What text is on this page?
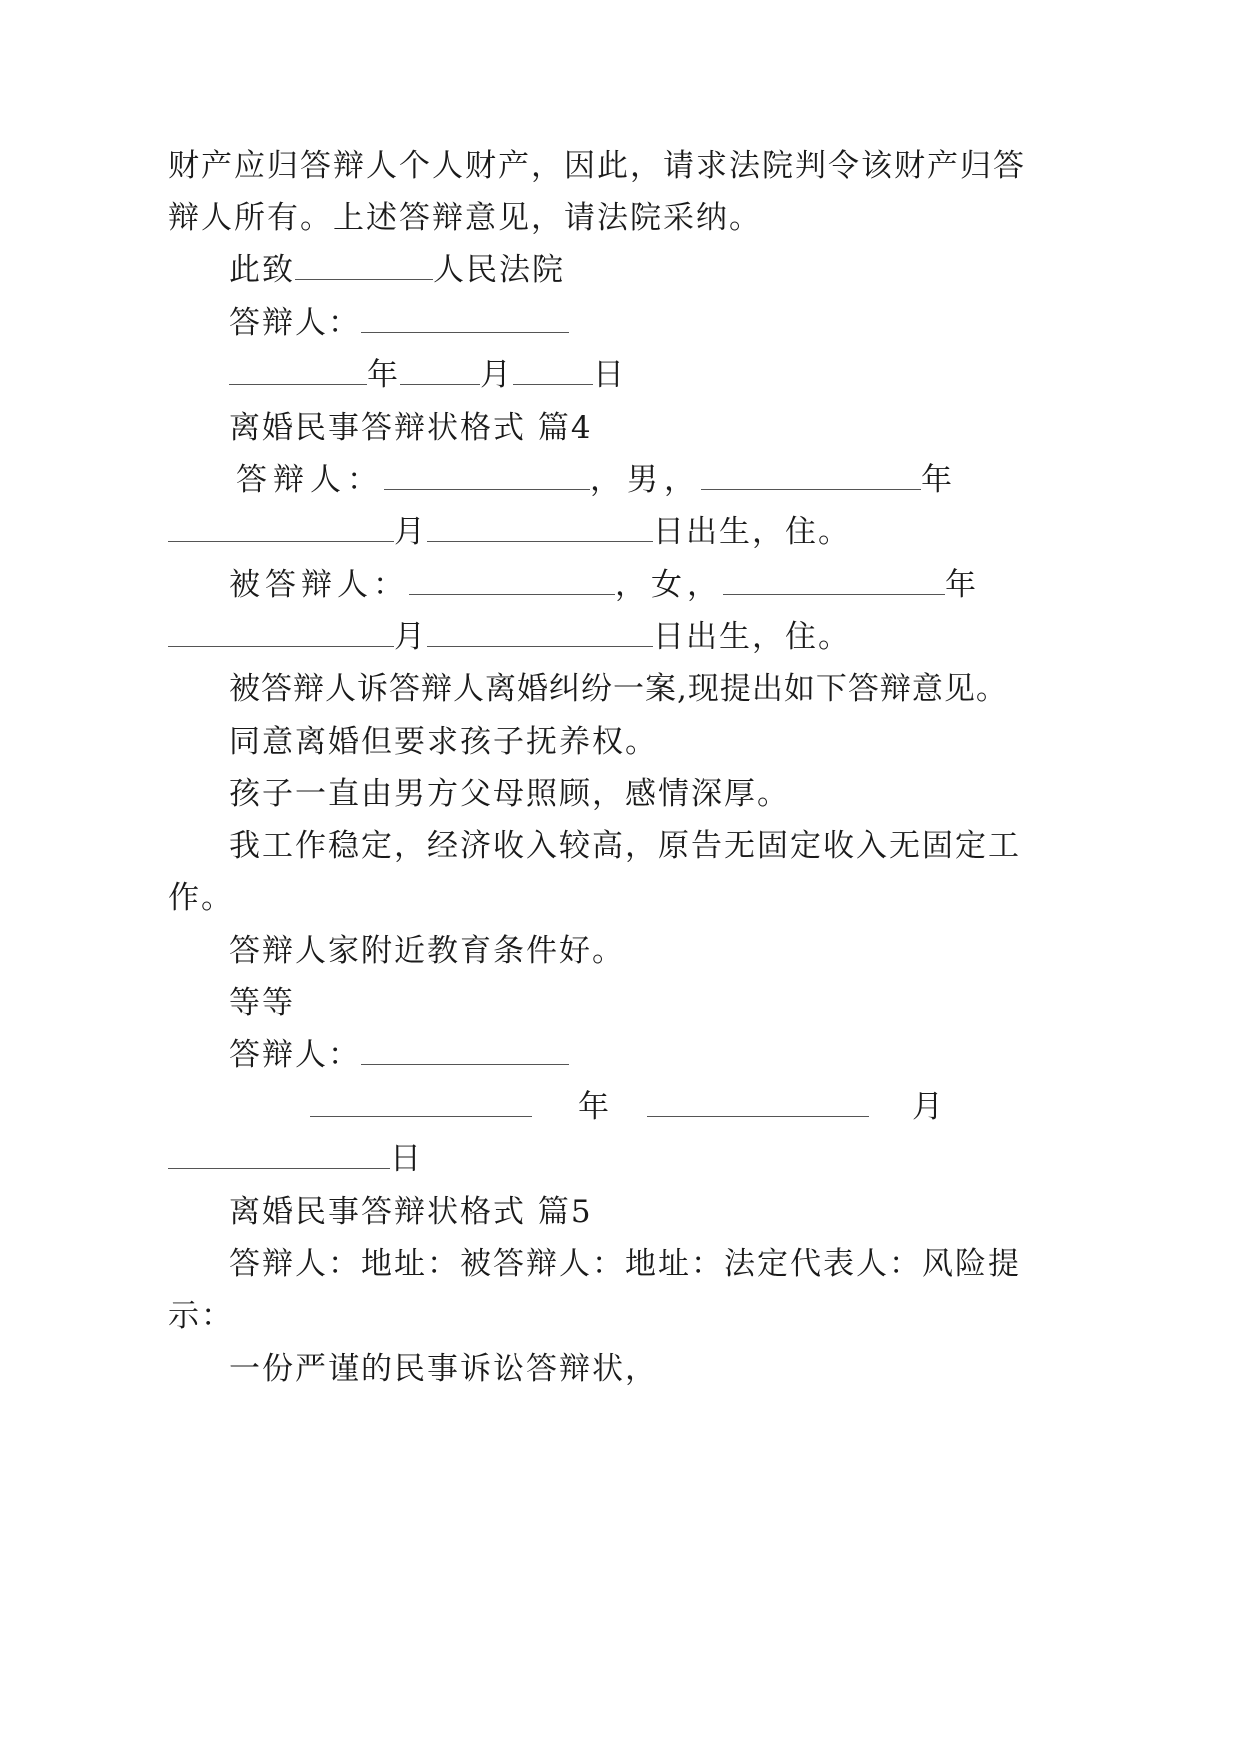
财产应归答辩人个人财产，因此，请求法院判令该财产归答
辩人所有。上述答辩意见，请法院采纳。
此致	人民法院
答辩人：
年	月	日
离婚民事答辩状格式 篇4
答辩人：	，男，	年
月	日出生，住。
被答辩人：	，女，	年
月	日出生，住。
被答辩人诉答辩人离婚纠纷一案,现提出如下答辩意见。
同意离婚但要求孩子抚养权。
孩子一直由男方父母照顾，感情深厚。
我工作稳定，经济收入较高，原告无固定收入无固定工
作。
答辩人家附近教育条件好。
等等
答辩人：
年	月
日
离婚民事答辩状格式 篇5
答辩人：地址：被答辩人：地址：法定代表人：风险提
示：
一份严谨的民事诉讼答辩状，
